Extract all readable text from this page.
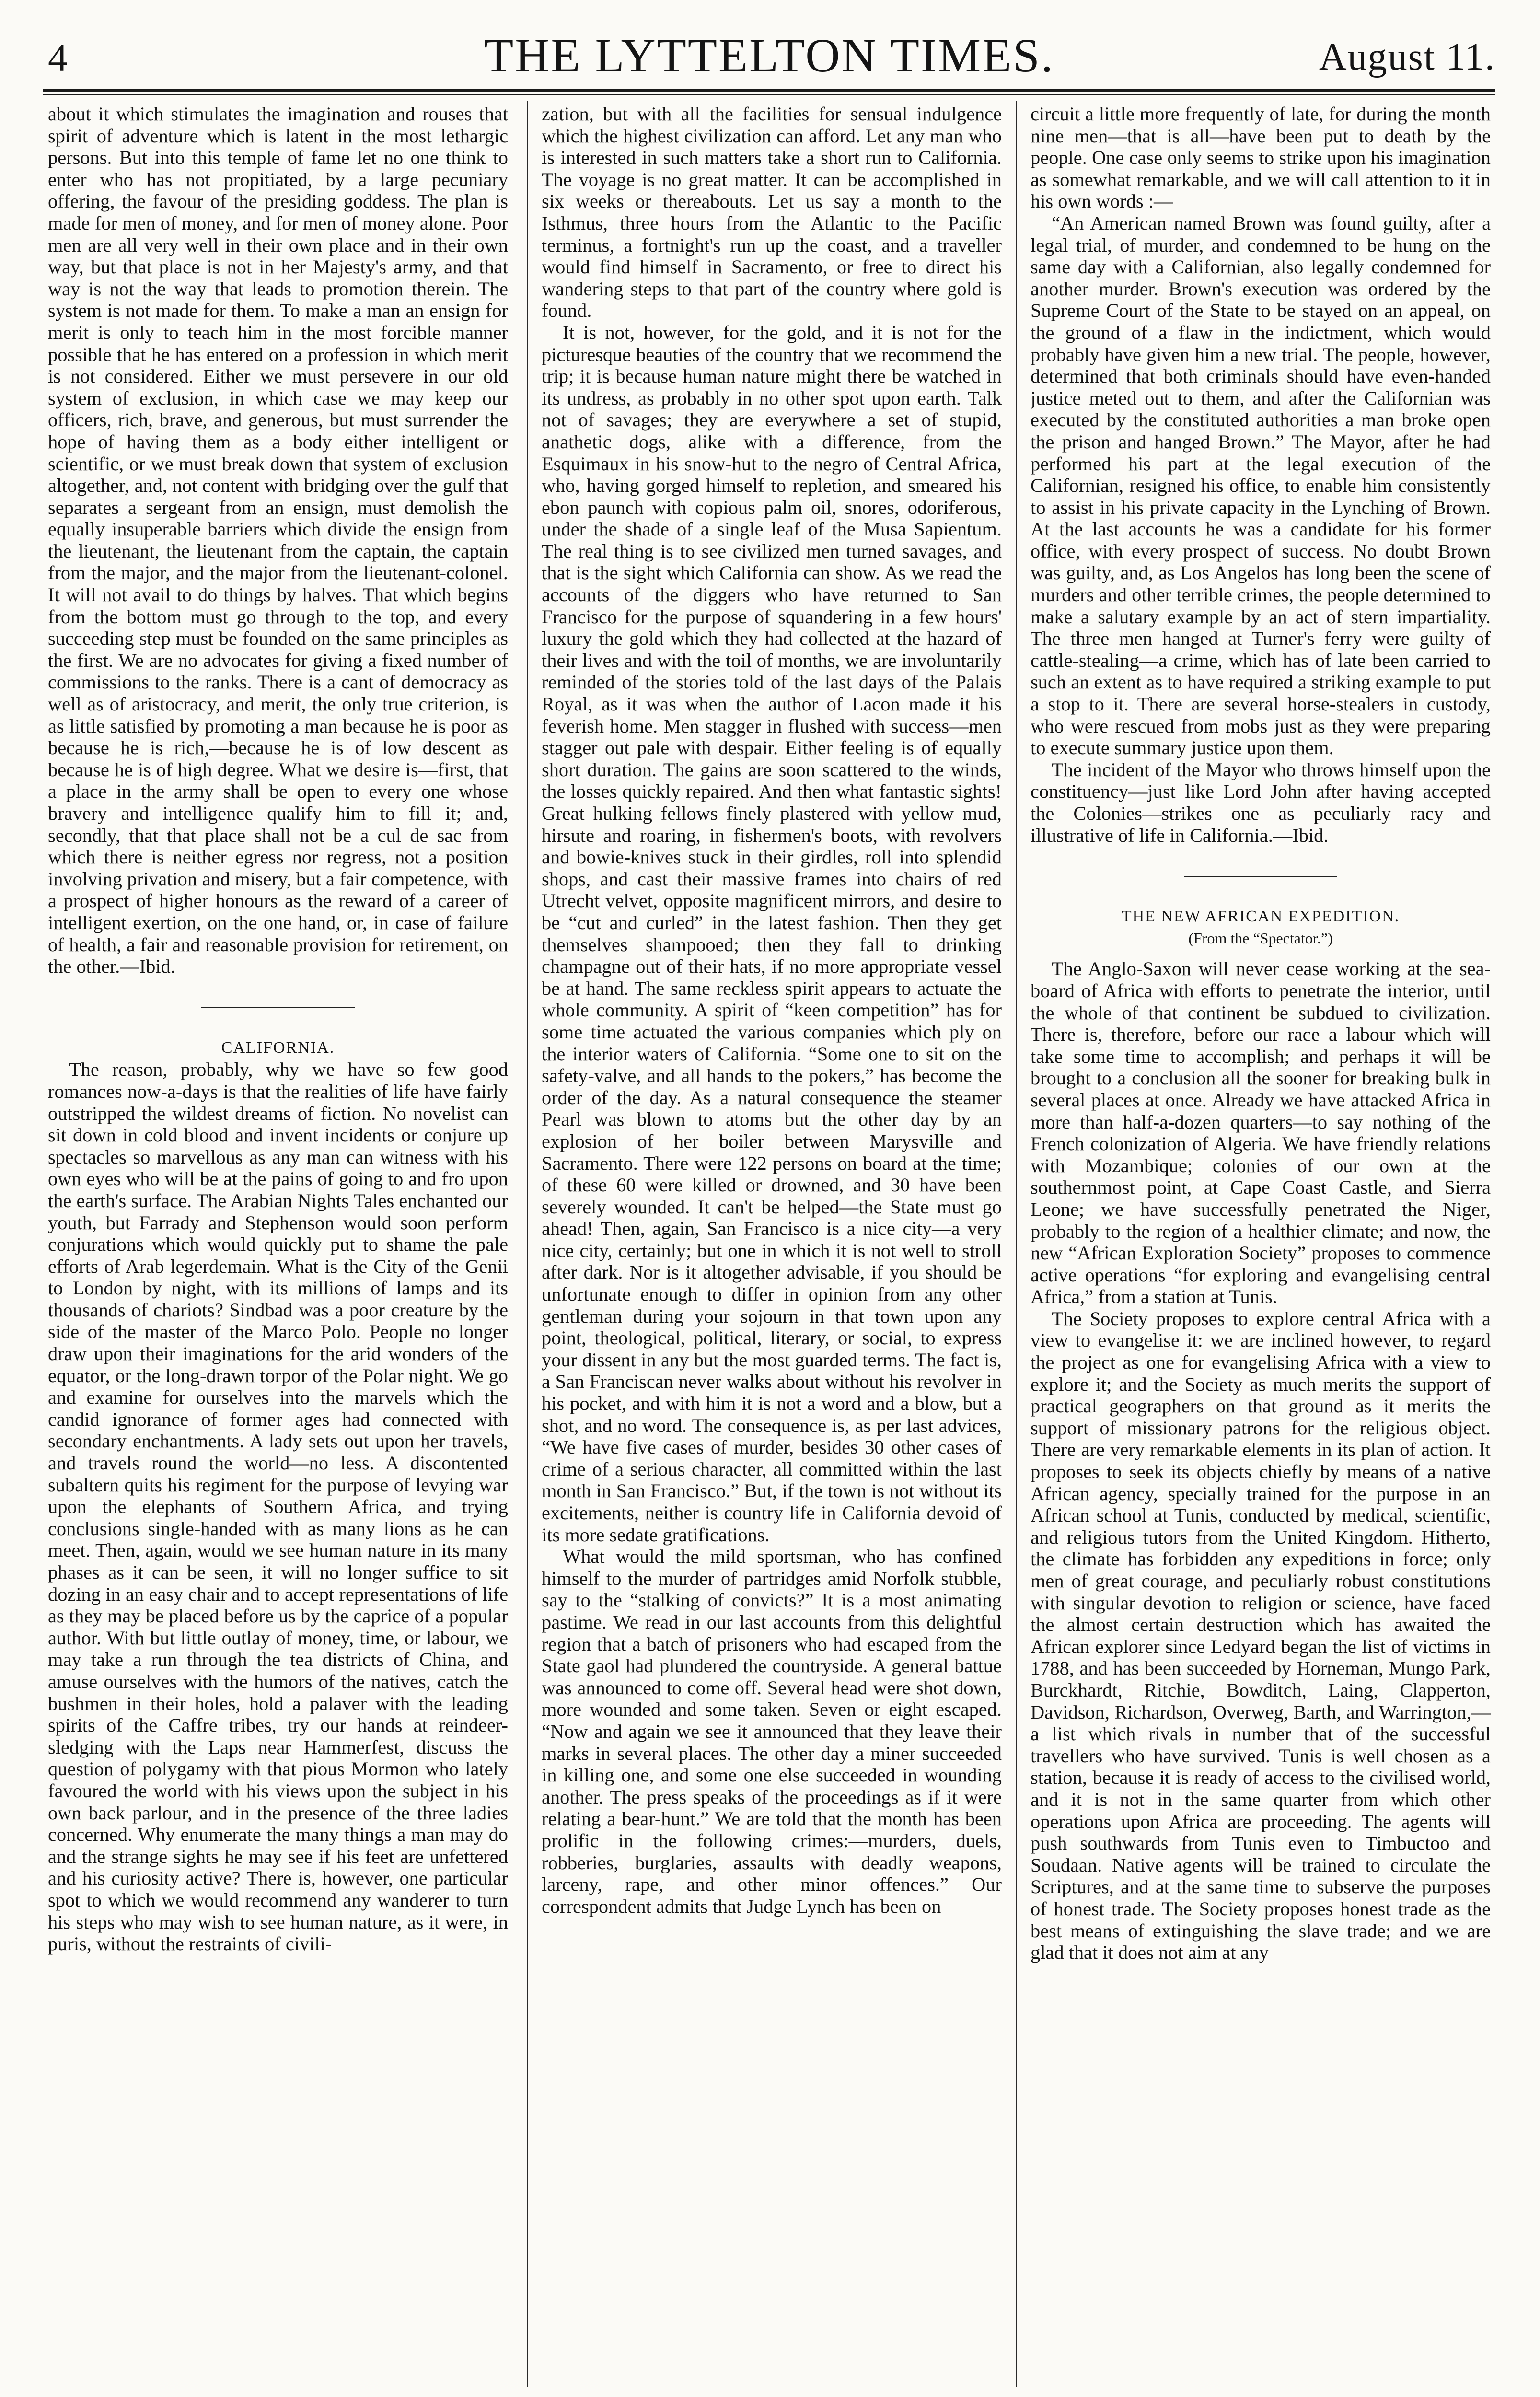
4	THE LYTTELTON TIMES.	August 11.

about it which stimulates the imagination and rouses that spirit of adventure which is latent in the most lethargic persons. But into this temple of fame let no one think to enter who has not propitiated, by a large pecuniary offering, the favour of the presiding goddess. The plan is made for men of money, and for men of money alone. Poor men are all very well in their own place and in their own way, but that place is not in her Majesty's army, and that way is not the way that leads to promotion therein. The system is not made for them. To make a man an ensign for merit is only to teach him in the most forcible manner possible that he has entered on a profession in which merit is not considered. Either we must persevere in our old system of exclusion, in which case we may keep our officers, rich, brave, and generous, but must surrender the hope of having them as a body either intelligent or scientific, or we must break down that system of exclusion altogether, and, not content with bridging over the gulf that separates a sergeant from an ensign, must demolish the equally insuperable barriers which divide the ensign from the lieutenant, the lieutenant from the captain, the captain from the major, and the major from the lieutenant-colonel. It will not avail to do things by halves. That which begins from the bottom must go through to the top, and every succeeding step must be founded on the same principles as the first. We are no advocates for giving a fixed number of commissions to the ranks. There is a cant of democracy as well as of aristocracy, and merit, the only true criterion, is as little satisfied by promoting a man because he is poor as because he is rich,—because he is of low descent as because he is of high degree. What we desire is—first, that a place in the army shall be open to every one whose bravery and intelligence qualify him to fill it; and, secondly, that that place shall not be a cul de sac from which there is neither egress nor regress, not a position involving privation and misery, but a fair competence, with a prospect of higher honours as the reward of a career of intelligent exertion, on the one hand, or, in case of failure of health, a fair and reasonable provision for retirement, on the other.—Ibid.

CALIFORNIA.

The reason, probably, why we have so few good romances now-a-days is that the realities of life have fairly outstripped the wildest dreams of fiction. No novelist can sit down in cold blood and invent incidents or conjure up spectacles so marvellous as any man can witness with his own eyes who will be at the pains of going to and fro upon the earth's surface. The Arabian Nights Tales enchanted our youth, but Farrady and Stephenson would soon perform conjurations which would quickly put to shame the pale efforts of Arab legerdemain. What is the City of the Genii to London by night, with its millions of lamps and its thousands of chariots? Sindbad was a poor creature by the side of the master of the Marco Polo. People no longer draw upon their imaginations for the arid wonders of the equator, or the long-drawn torpor of the Polar night. We go and examine for ourselves into the marvels which the candid ignorance of former ages had connected with secondary enchantments. A lady sets out upon her travels, and travels round the world—no less. A discontented subaltern quits his regiment for the purpose of levying war upon the elephants of Southern Africa, and trying conclusions single-handed with as many lions as he can meet. Then, again, would we see human nature in its many phases as it can be seen, it will no longer suffice to sit dozing in an easy chair and to accept representations of life as they may be placed before us by the caprice of a popular author. With but little outlay of money, time, or labour, we may take a run through the tea districts of China, and amuse ourselves with the humors of the natives, catch the bushmen in their holes, hold a palaver with the leading spirits of the Caffre tribes, try our hands at reindeer-sledging with the Laps near Hammerfest, discuss the question of polygamy with that pious Mormon who lately favoured the world with his views upon the subject in his own back parlour, and in the presence of the three ladies concerned. Why enumerate the many things a man may do and the strange sights he may see if his feet are unfettered and his curiosity active? There is, however, one particular spot to which we would recommend any wanderer to turn his steps who may wish to see human nature, as it were, in puris, without the restraints of civili-

zation, but with all the facilities for sensual indulgence which the highest civilization can afford. Let any man who is interested in such matters take a short run to California. The voyage is no great matter. It can be accomplished in six weeks or thereabouts. Let us say a month to the Isthmus, three hours from the Atlantic to the Pacific terminus, a fortnight's run up the coast, and a traveller would find himself in Sacramento, or free to direct his wandering steps to that part of the country where gold is found.

It is not, however, for the gold, and it is not for the picturesque beauties of the country that we recommend the trip; it is because human nature might there be watched in its undress, as probably in no other spot upon earth. Talk not of savages; they are everywhere a set of stupid, anathetic dogs, alike with a difference, from the Esquimaux in his snow-hut to the negro of Central Africa, who, having gorged himself to repletion, and smeared his ebon paunch with copious palm oil, snores, odoriferous, under the shade of a single leaf of the Musa Sapientum. The real thing is to see civilized men turned savages, and that is the sight which California can show. As we read the accounts of the diggers who have returned to San Francisco for the purpose of squandering in a few hours' luxury the gold which they had collected at the hazard of their lives and with the toil of months, we are involuntarily reminded of the stories told of the last days of the Palais Royal, as it was when the author of Lacon made it his feverish home. Men stagger in flushed with success—men stagger out pale with despair. Either feeling is of equally short duration. The gains are soon scattered to the winds, the losses quickly repaired. And then what fantastic sights! Great hulking fellows finely plastered with yellow mud, hirsute and roaring, in fishermen's boots, with revolvers and bowie-knives stuck in their girdles, roll into splendid shops, and cast their massive frames into chairs of red Utrecht velvet, opposite magnificent mirrors, and desire to be “cut and curled” in the latest fashion. Then they get themselves shampooed; then they fall to drinking champagne out of their hats, if no more appropriate vessel be at hand. The same reckless spirit appears to actuate the whole community. A spirit of “keen competition” has for some time actuated the various companies which ply on the interior waters of California. “Some one to sit on the safety-valve, and all hands to the pokers,” has become the order of the day. As a natural consequence the steamer Pearl was blown to atoms but the other day by an explosion of her boiler between Marysville and Sacramento. There were 122 persons on board at the time; of these 60 were killed or drowned, and 30 have been severely wounded. It can't be helped—the State must go ahead! Then, again, San Francisco is a nice city—a very nice city, certainly; but one in which it is not well to stroll after dark. Nor is it altogether advisable, if you should be unfortunate enough to differ in opinion from any other gentleman during your sojourn in that town upon any point, theological, political, literary, or social, to express your dissent in any but the most guarded terms. The fact is, a San Franciscan never walks about without his revolver in his pocket, and with him it is not a word and a blow, but a shot, and no word. The consequence is, as per last advices, “We have five cases of murder, besides 30 other cases of crime of a serious character, all committed within the last month in San Francisco.” But, if the town is not without its excitements, neither is country life in California devoid of its more sedate gratifications.

What would the mild sportsman, who has confined himself to the murder of partridges amid Norfolk stubble, say to the “stalking of convicts?” It is a most animating pastime. We read in our last accounts from this delightful region that a batch of prisoners who had escaped from the State gaol had plundered the countryside. A general battue was announced to come off. Several head were shot down, more wounded and some taken. Seven or eight escaped. “Now and again we see it announced that they leave their marks in several places. The other day a miner succeeded in killing one, and some one else succeeded in wounding another. The press speaks of the proceedings as if it were relating a bear-hunt.” We are told that the month has been prolific in the following crimes:—murders, duels, robberies, burglaries, assaults with deadly weapons, larceny, rape, and other minor offences.” Our correspondent admits that Judge Lynch has been on

circuit a little more frequently of late, for during the month nine men—that is all—have been put to death by the people. One case only seems to strike upon his imagination as somewhat remarkable, and we will call attention to it in his own words :—

“An American named Brown was found guilty, after a legal trial, of murder, and condemned to be hung on the same day with a Californian, also legally condemned for another murder. Brown's execution was ordered by the Supreme Court of the State to be stayed on an appeal, on the ground of a flaw in the indictment, which would probably have given him a new trial. The people, however, determined that both criminals should have even-handed justice meted out to them, and after the Californian was executed by the constituted authorities a man broke open the prison and hanged Brown.” The Mayor, after he had performed his part at the legal execution of the Californian, resigned his office, to enable him consistently to assist in his private capacity in the Lynching of Brown. At the last accounts he was a candidate for his former office, with every prospect of success. No doubt Brown was guilty, and, as Los Angelos has long been the scene of murders and other terrible crimes, the people determined to make a salutary example by an act of stern impartiality. The three men hanged at Turner's ferry were guilty of cattle-stealing—a crime, which has of late been carried to such an extent as to have required a striking example to put a stop to it. There are several horse-stealers in custody, who were rescued from mobs just as they were preparing to execute summary justice upon them.

The incident of the Mayor who throws himself upon the constituency—just like Lord John after having accepted the Colonies—strikes one as peculiarly racy and illustrative of life in California.—Ibid.

THE NEW AFRICAN EXPEDITION.
(From the “Spectator.”)

The Anglo-Saxon will never cease working at the sea-board of Africa with efforts to penetrate the interior, until the whole of that continent be subdued to civilization. There is, therefore, before our race a labour which will take some time to accomplish; and perhaps it will be brought to a conclusion all the sooner for breaking bulk in several places at once. Already we have attacked Africa in more than half-a-dozen quarters—to say nothing of the French colonization of Algeria. We have friendly relations with Mozambique; colonies of our own at the southernmost point, at Cape Coast Castle, and Sierra Leone; we have successfully penetrated the Niger, probably to the region of a healthier climate; and now, the new “African Exploration Society” proposes to commence active operations “for exploring and evangelising central Africa,” from a station at Tunis.

The Society proposes to explore central Africa with a view to evangelise it: we are inclined however, to regard the project as one for evangelising Africa with a view to explore it; and the Society as much merits the support of practical geographers on that ground as it merits the support of missionary patrons for the religious object. There are very remarkable elements in its plan of action. It proposes to seek its objects chiefly by means of a native African agency, specially trained for the purpose in an African school at Tunis, conducted by medical, scientific, and religious tutors from the United Kingdom. Hitherto, the climate has forbidden any expeditions in force; only men of great courage, and peculiarly robust constitutions with singular devotion to religion or science, have faced the almost certain destruction which has awaited the African explorer since Ledyard began the list of victims in 1788, and has been succeeded by Horneman, Mungo Park, Burckhardt, Ritchie, Bowditch, Laing, Clapperton, Davidson, Richardson, Overweg, Barth, and Warrington,—a list which rivals in number that of the successful travellers who have survived. Tunis is well chosen as a station, because it is ready of access to the civilised world, and it is not in the same quarter from which other operations upon Africa are proceeding. The agents will push southwards from Tunis even to Timbuctoo and Soudaan. Native agents will be trained to circulate the Scriptures, and at the same time to subserve the purposes of honest trade. The Society proposes honest trade as the best means of extinguishing the slave trade; and we are glad that it does not aim at any
